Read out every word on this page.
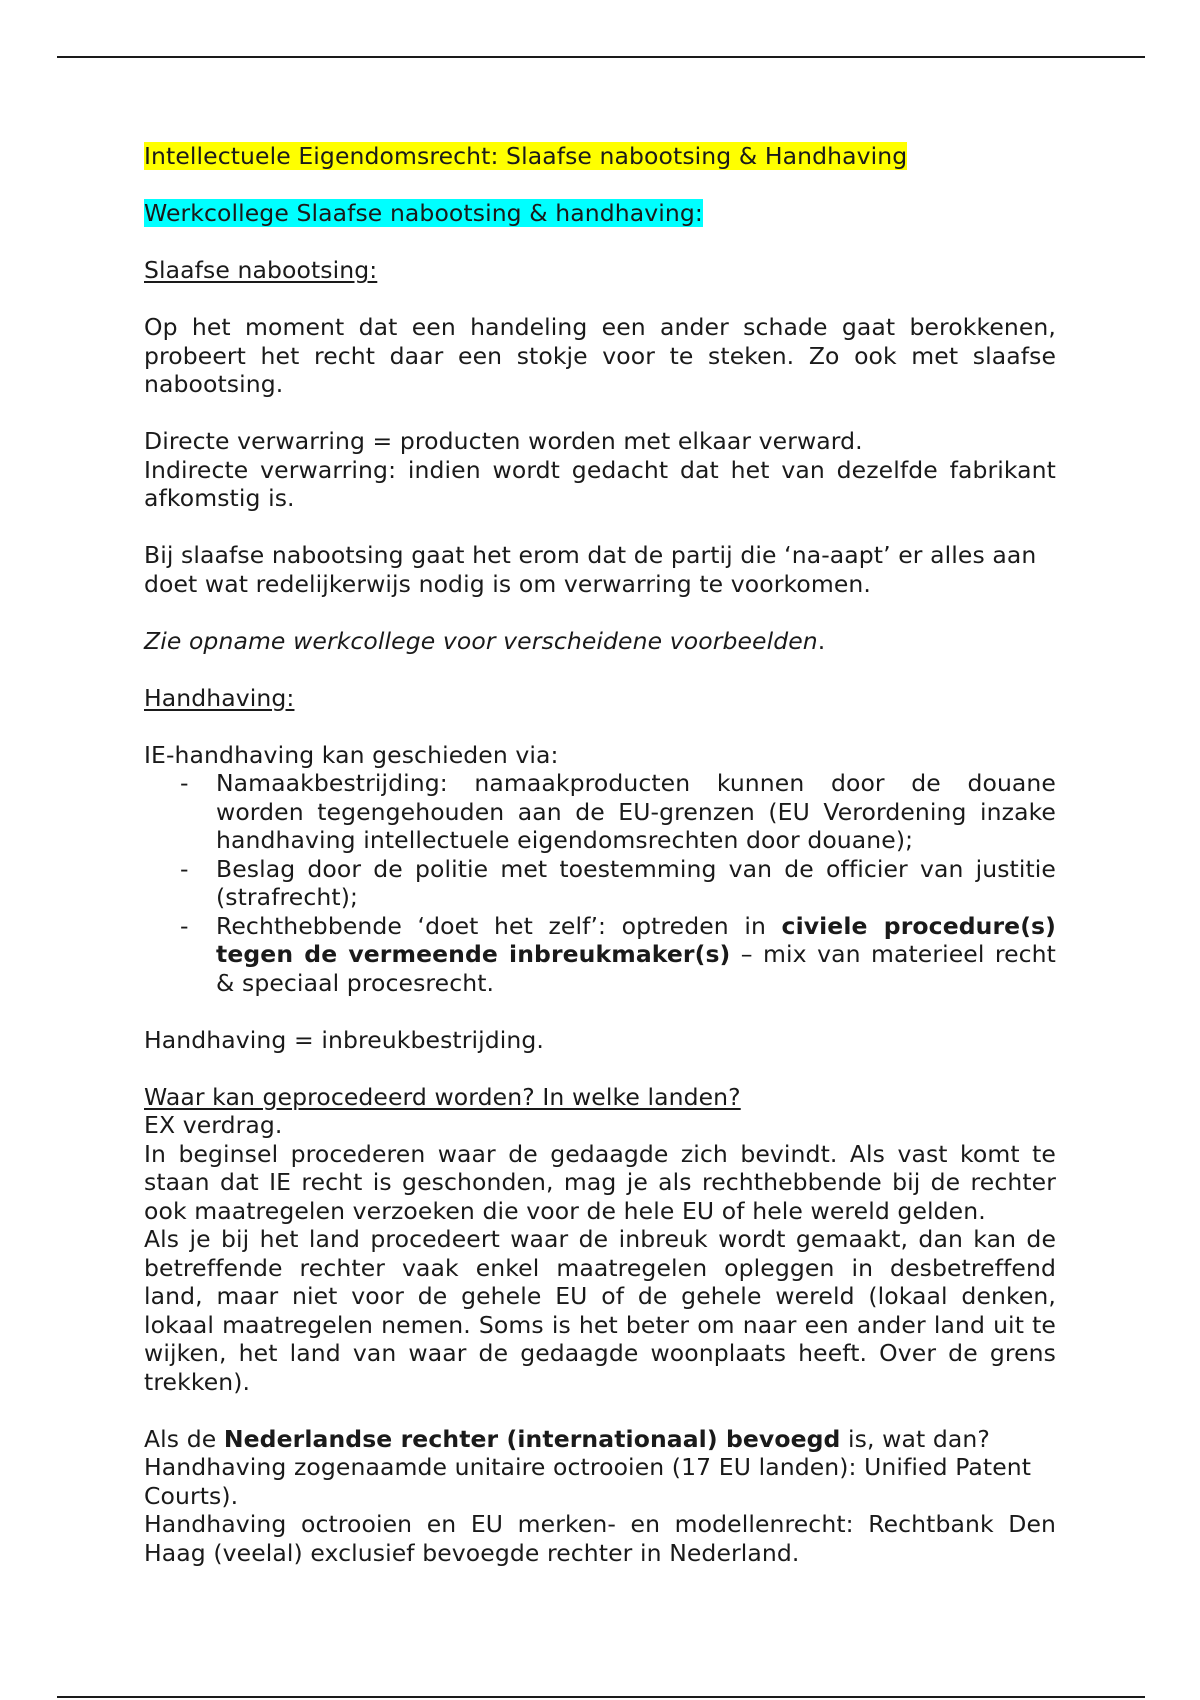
Intellectuele Eigendomsrecht: Slaafse nabootsing & Handhaving

Werkcollege Slaafse nabootsing & handhaving:

Slaafse nabootsing:

Op het moment dat een handeling een ander schade gaat berokkenen, probeert het recht daar een stokje voor te steken. Zo ook met slaafse nabootsing.

Directe verwarring = producten worden met elkaar verward.

Indirecte verwarring: indien wordt gedacht dat het van dezelfde fabrikant afkomstig is.

Bij slaafse nabootsing gaat het erom dat de partij die ‘na-aapt’ er alles aan doet wat redelijkerwijs nodig is om verwarring te voorkomen.

Zie opname werkcollege voor verscheidene voorbeelden.

Handhaving:

IE-handhaving kan geschieden via:

- Namaakbestrijding: namaakproducten kunnen door de douane worden tegengehouden aan de EU-grenzen (EU Verordening inzake handhaving intellectuele eigendomsrechten door douane);
- Beslag door de politie met toestemming van de officier van justitie (strafrecht);
- Rechthebbende ‘doet het zelf’: optreden in civiele procedure(s) tegen de vermeende inbreukmaker(s) – mix van materieel recht & speciaal procesrecht.

Handhaving = inbreukbestrijding.

Waar kan geprocedeerd worden? In welke landen?

EX verdrag.

In beginsel procederen waar de gedaagde zich bevindt. Als vast komt te staan dat IE recht is geschonden, mag je als rechthebbende bij de rechter ook maatregelen verzoeken die voor de hele EU of hele wereld gelden.

Als je bij het land procedeert waar de inbreuk wordt gemaakt, dan kan de betreffende rechter vaak enkel maatregelen opleggen in desbetreffend land, maar niet voor de gehele EU of de gehele wereld (lokaal denken, lokaal maatregelen nemen. Soms is het beter om naar een ander land uit te wijken, het land van waar de gedaagde woonplaats heeft. Over de grens trekken).

Als de Nederlandse rechter (internationaal) bevoegd is, wat dan?

Handhaving zogenaamde unitaire octrooien (17 EU landen): Unified Patent Courts).

Handhaving octrooien en EU merken- en modellenrecht: Rechtbank Den Haag (veelal) exclusief bevoegde rechter in Nederland.
